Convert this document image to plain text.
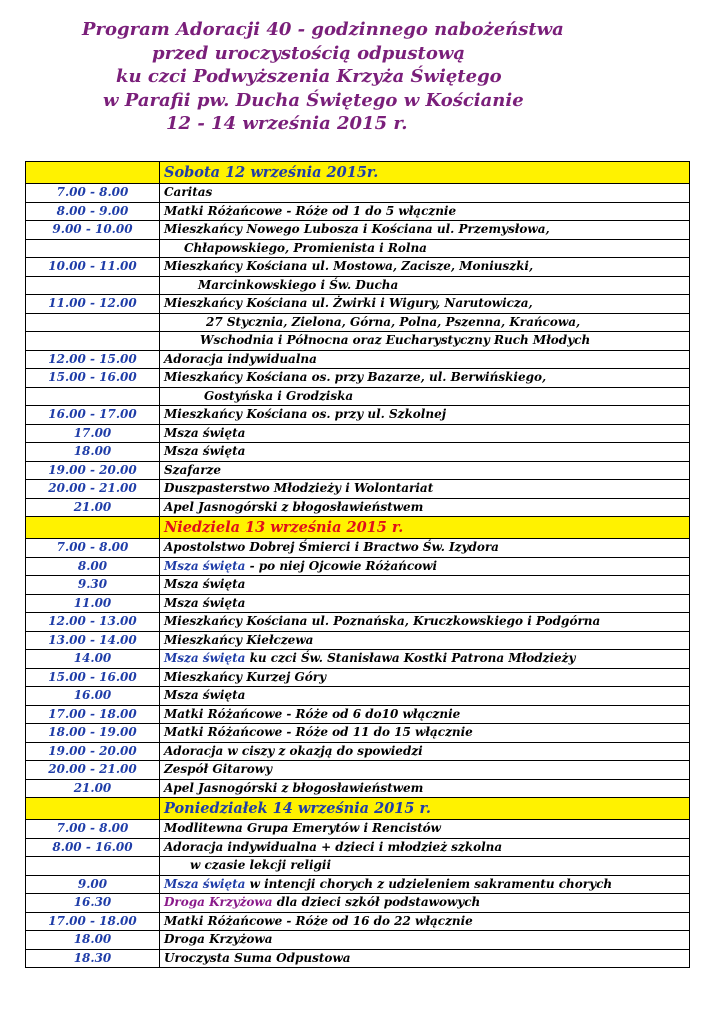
Program Adoracji 40 - godzinnego nabożeństwa
przed uroczystością odpustową
ku czci Podwyższenia Krzyża Świętego
w Parafii pw. Ducha Świętego w Kościanie
12 - 14 września 2015 r.
	Sobota 12 września 2015r.
7.00 - 8.00	Caritas
8.00 - 9.00	Matki Różańcowe - Róże od 1 do 5 włącznie
9.00 - 10.00	Mieszkańcy Nowego Lubosza i Kościana ul. Przemysłowa,
	Chłapowskiego, Promienista i Rolna
10.00 - 11.00	Mieszkańcy Kościana ul. Mostowa, Zacisze, Moniuszki,
	Marcinkowskiego i Św. Ducha
11.00 - 12.00	Mieszkańcy Kościana ul. Żwirki i Wigury, Narutowicza,
	27 Stycznia, Zielona, Górna, Polna, Pszenna, Krańcowa,
	Wschodnia i Północna oraz Eucharystyczny Ruch Młodych
12.00 - 15.00	Adoracja indywidualna
15.00 - 16.00	Mieszkańcy Kościana os. przy Bazarze, ul. Berwińskiego,
	Gostyńska i Grodziska
16.00 - 17.00	Mieszkańcy Kościana os. przy ul. Szkolnej
17.00	Msza święta
18.00	Msza święta
19.00 - 20.00	Szafarze
20.00 - 21.00	Duszpasterstwo Młodzieży i Wolontariat
21.00	Apel Jasnogórski z błogosławieństwem
	Niedziela 13 września 2015 r.
7.00 - 8.00	Apostolstwo Dobrej Śmierci i Bractwo Św. Izydora
8.00	Msza święta - po niej Ojcowie Różańcowi
9.30	Msza święta
11.00	Msza święta
12.00 - 13.00	Mieszkańcy Kościana ul. Poznańska, Kruczkowskiego i Podgórna
13.00 - 14.00	Mieszkańcy Kiełczewa
14.00	Msza święta ku czci Św. Stanisława Kostki Patrona Młodzieży
15.00 - 16.00	Mieszkańcy Kurzej Góry
16.00	Msza święta
17.00 - 18.00	Matki Różańcowe - Róże od 6 do10 włącznie
18.00 - 19.00	Matki Różańcowe - Róże od 11 do 15 włącznie
19.00 - 20.00	Adoracja w ciszy z okazją do spowiedzi
20.00 - 21.00	Zespół Gitarowy
21.00	Apel Jasnogórski z błogosławieństwem
	Poniedziałek 14 września 2015 r.
7.00 - 8.00	Modlitewna Grupa Emerytów i Rencistów
8.00 - 16.00	Adoracja indywidualna + dzieci i młodzież szkolna
	w czasie lekcji religii
9.00	Msza święta w intencji chorych z udzieleniem sakramentu chorych
16.30	Droga Krzyżowa dla dzieci szkół podstawowych
17.00 - 18.00	Matki Różańcowe - Róże od 16 do 22 włącznie
18.00	Droga Krzyżowa
18.30	Uroczysta Suma Odpustowa
